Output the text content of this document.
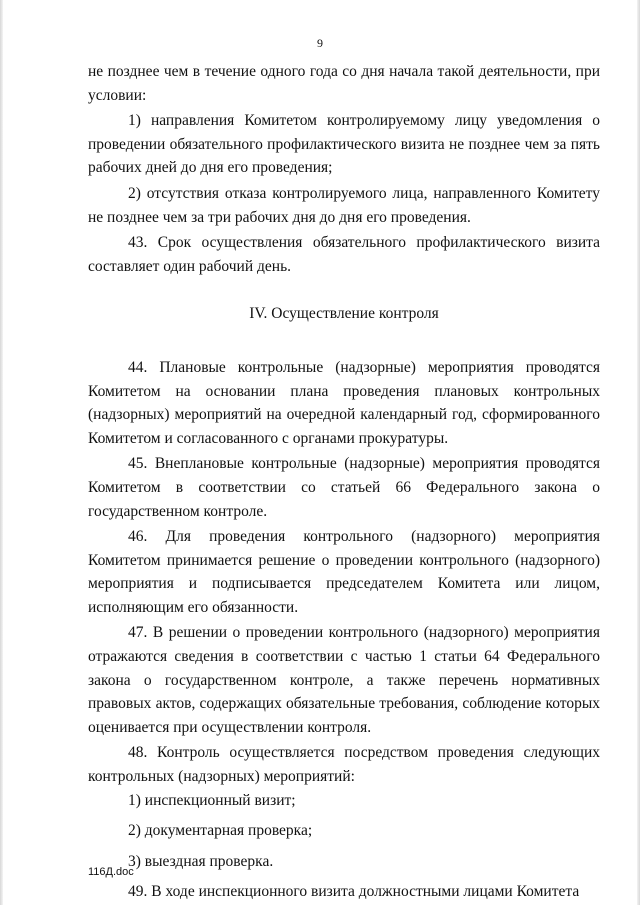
9

не позднее чем в течение одного года со дня начала такой деятельности, при условии:

1) направления Комитетом контролируемому лицу уведомления о проведении обязательного профилактического визита не позднее чем за пять рабочих дней до дня его проведения;

2) отсутствия отказа контролируемого лица, направленного Комитету не позднее чем за три рабочих дня до дня его проведения.

43. Срок осуществления обязательного профилактического визита составляет один рабочий день.

IV. Осуществление контроля

44. Плановые контрольные (надзорные) мероприятия проводятся Комитетом на основании плана проведения плановых контрольных (надзорных) мероприятий на очередной календарный год, сформированного Комитетом и согласованного с органами прокуратуры.

45. Внеплановые контрольные (надзорные) мероприятия проводятся Комитетом в соответствии со статьей 66 Федерального закона о государственном контроле.

46. Для проведения контрольного (надзорного) мероприятия Комитетом принимается решение о проведении контрольного (надзорного) мероприятия и подписывается председателем Комитета или лицом, исполняющим его обязанности.

47. В решении о проведении контрольного (надзорного) мероприятия отражаются сведения в соответствии с частью 1 статьи 64 Федерального закона о государственном контроле, а также перечень нормативных правовых актов, содержащих обязательные требования, соблюдение которых оценивается при осуществлении контроля.

48. Контроль осуществляется посредством проведения следующих контрольных (надзорных) мероприятий:

1) инспекционный визит;

2) документарная проверка;

3) выездная проверка.

49. В ходе инспекционного визита должностными лицами Комитета

116Д.doc
